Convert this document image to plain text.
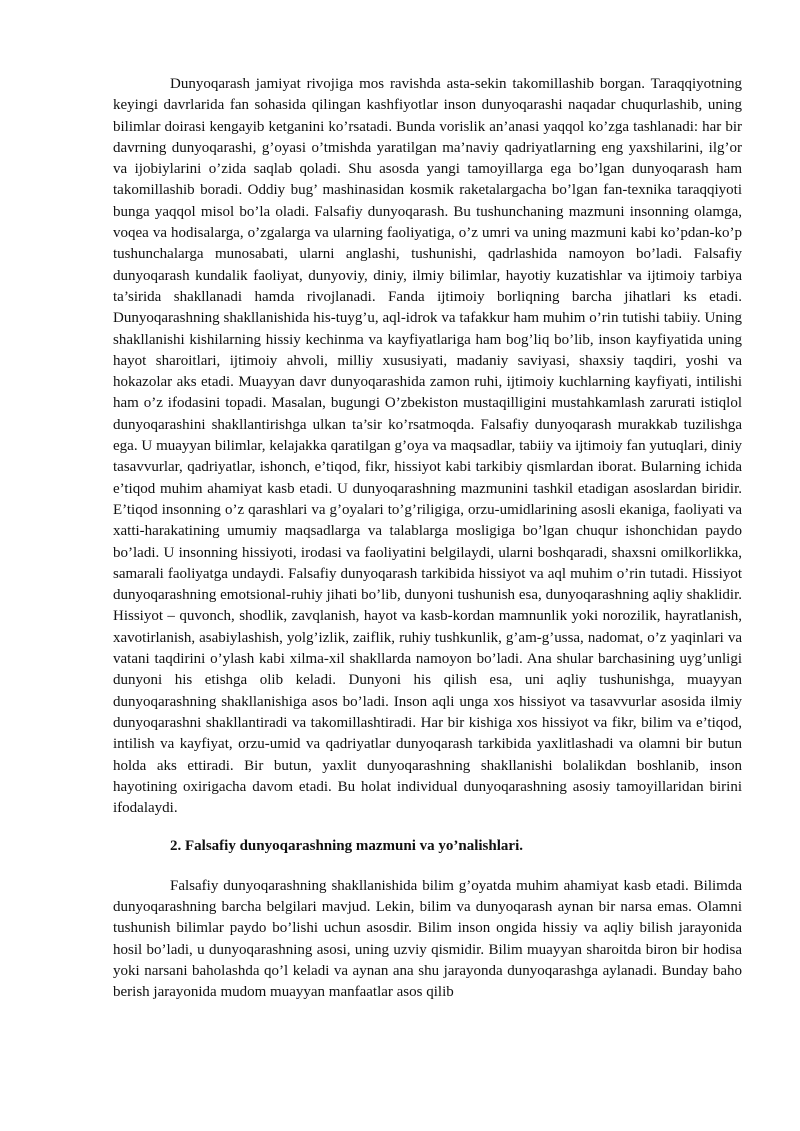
Dunyoqarash jamiyat rivojiga mos ravishda asta-sekin takomillashib borgan. Taraqqiyotning keyingi davrlarida fan sohasida qilingan kashfiyotlar inson dunyoqarashi naqadar chuqurlashib, uning bilimlar doirasi kengayib ketganini ko’rsatadi. Bunda vorislik an’anasi yaqqol ko’zga tashlanadi: har bir davrning dunyoqarashi, g’oyasi o’tmishda yaratilgan ma’naviy qadriyatlarning eng yaxshilarini, ilg’or va ijobiylarini o’zida saqlab qoladi. Shu asosda yangi tamoyillarga ega bo’lgan dunyoqarash ham takomillashib boradi. Oddiy bug’ mashinasidan kosmik raketalargacha bo’lgan fan-texnika taraqqiyoti bunga yaqqol misol bo’la oladi. Falsafiy dunyoqarash. Bu tushunchaning mazmuni insonning olamga, voqea va hodisalarga, o’zgalarga va ularning faoliyatiga, o’z umri va uning mazmuni kabi ko’pdan-ko’p tushunchalarga munosabati, ularni anglashi, tushunishi, qadrlashida namoyon bo’ladi. Falsafiy dunyoqarash kundalik faoliyat, dunyoviy, diniy, ilmiy bilimlar, hayotiy kuzatishlar va ijtimoiy tarbiya ta’sirida shakllanadi hamda rivojlanadi. Fanda ijtimoiy borliqning barcha jihatlari ks etadi. Dunyoqarashning shakllanishida his-tuyg’u, aql-idrok va tafakkur ham muhim o’rin tutishi tabiiy. Uning shakllanishi kishilarning hissiy kechinma va kayfiyatlariga ham bog’liq bo’lib, inson kayfiyatida uning hayot sharoitlari, ijtimoiy ahvoli, milliy xususiyati, madaniy saviyasi, shaxsiy taqdiri, yoshi va hokazolar aks etadi. Muayyan davr dunyoqarashida zamon ruhi, ijtimoiy kuchlarning kayfiyati, intilishi ham o’z ifodasini topadi. Masalan, bugungi O’zbekiston mustaqilligini mustahkamlash zarurati istiqlol dunyoqarashini shakllantirishga ulkan ta’sir ko’rsatmoqda. Falsafiy dunyoqarash murakkab tuzilishga ega. U muayyan bilimlar, kelajakka qaratilgan g’oya va maqsadlar, tabiiy va ijtimoiy fan yutuqlari, diniy tasavvurlar, qadriyatlar, ishonch, e’tiqod, fikr, hissiyot kabi tarkibiy qismlardan iborat. Bularning ichida e’tiqod muhim ahamiyat kasb etadi. U dunyoqarashning mazmunini tashkil etadigan asoslardan biridir. E’tiqod insonning o’z qarashlari va g’oyalari to’g’riligiga, orzu-umidlarining asosli ekaniga, faoliyati va xatti-harakatining umumiy maqsadlarga va talablarga mosligiga bo’lgan chuqur ishonchidan paydo bo’ladi. U insonning hissiyoti, irodasi va faoliyatini belgilaydi, ularni boshqaradi, shaxsni omilkorlikka, samarali faoliyatga undaydi. Falsafiy dunyoqarash tarkibida hissiyot va aql muhim o’rin tutadi. Hissiyot dunyoqarashning emotsional-ruhiy jihati bo’lib, dunyoni tushunish esa, dunyoqarashning aqliy shaklidir. Hissiyot – quvonch, shodlik, zavqlanish, hayot va kasb-kordan mamnunlik yoki norozilik, hayratlanish, xavotirlanish, asabiylashish, yolg’izlik, zaiflik, ruhiy tushkunlik, g’am-g’ussa, nadomat, o’z yaqinlari va vatani taqdirini o’ylash kabi xilma-xil shakllarda namoyon bo’ladi. Ana shular barchasining uyg’unligi dunyoni his etishga olib keladi. Dunyoni his qilish esa, uni aqliy tushunishga, muayyan dunyoqarashning shakllanishiga asos bo’ladi. Inson aqli unga xos hissiyot va tasavvurlar asosida ilmiy dunyoqarashni shakllantiradi va takomillashtiradi. Har bir kishiga xos hissiyot va fikr, bilim va e’tiqod, intilish va kayfiyat, orzu-umid va qadriyatlar dunyoqarash tarkibida yaxlitlashadi va olamni bir butun holda aks ettiradi. Bir butun, yaxlit dunyoqarashning shakllanishi bolalikdan boshlanib, inson hayotining oxirigacha davom etadi. Bu holat individual dunyoqarashning asosiy tamoyillaridan birini ifodalaydi.

2. Falsafiy dunyoqarashning mazmuni va yo’nalishlari.

Falsafiy dunyoqarashning shakllanishida bilim g’oyatda muhim ahamiyat kasb etadi. Bilimda dunyoqarashning barcha belgilari mavjud. Lekin, bilim va dunyoqarash aynan bir narsa emas. Olamni tushunish bilimlar paydo bo’lishi uchun asosdir. Bilim inson ongida hissiy va aqliy bilish jarayonida hosil bo’ladi, u dunyoqarashning asosi, uning uzviy qismidir. Bilim muayyan sharoitda biron bir hodisa yoki narsani baholashda qo’l keladi va aynan ana shu jarayonda dunyoqarashga aylanadi. Bunday baho berish jarayonida mudom muayyan manfaatlar asos qilib
